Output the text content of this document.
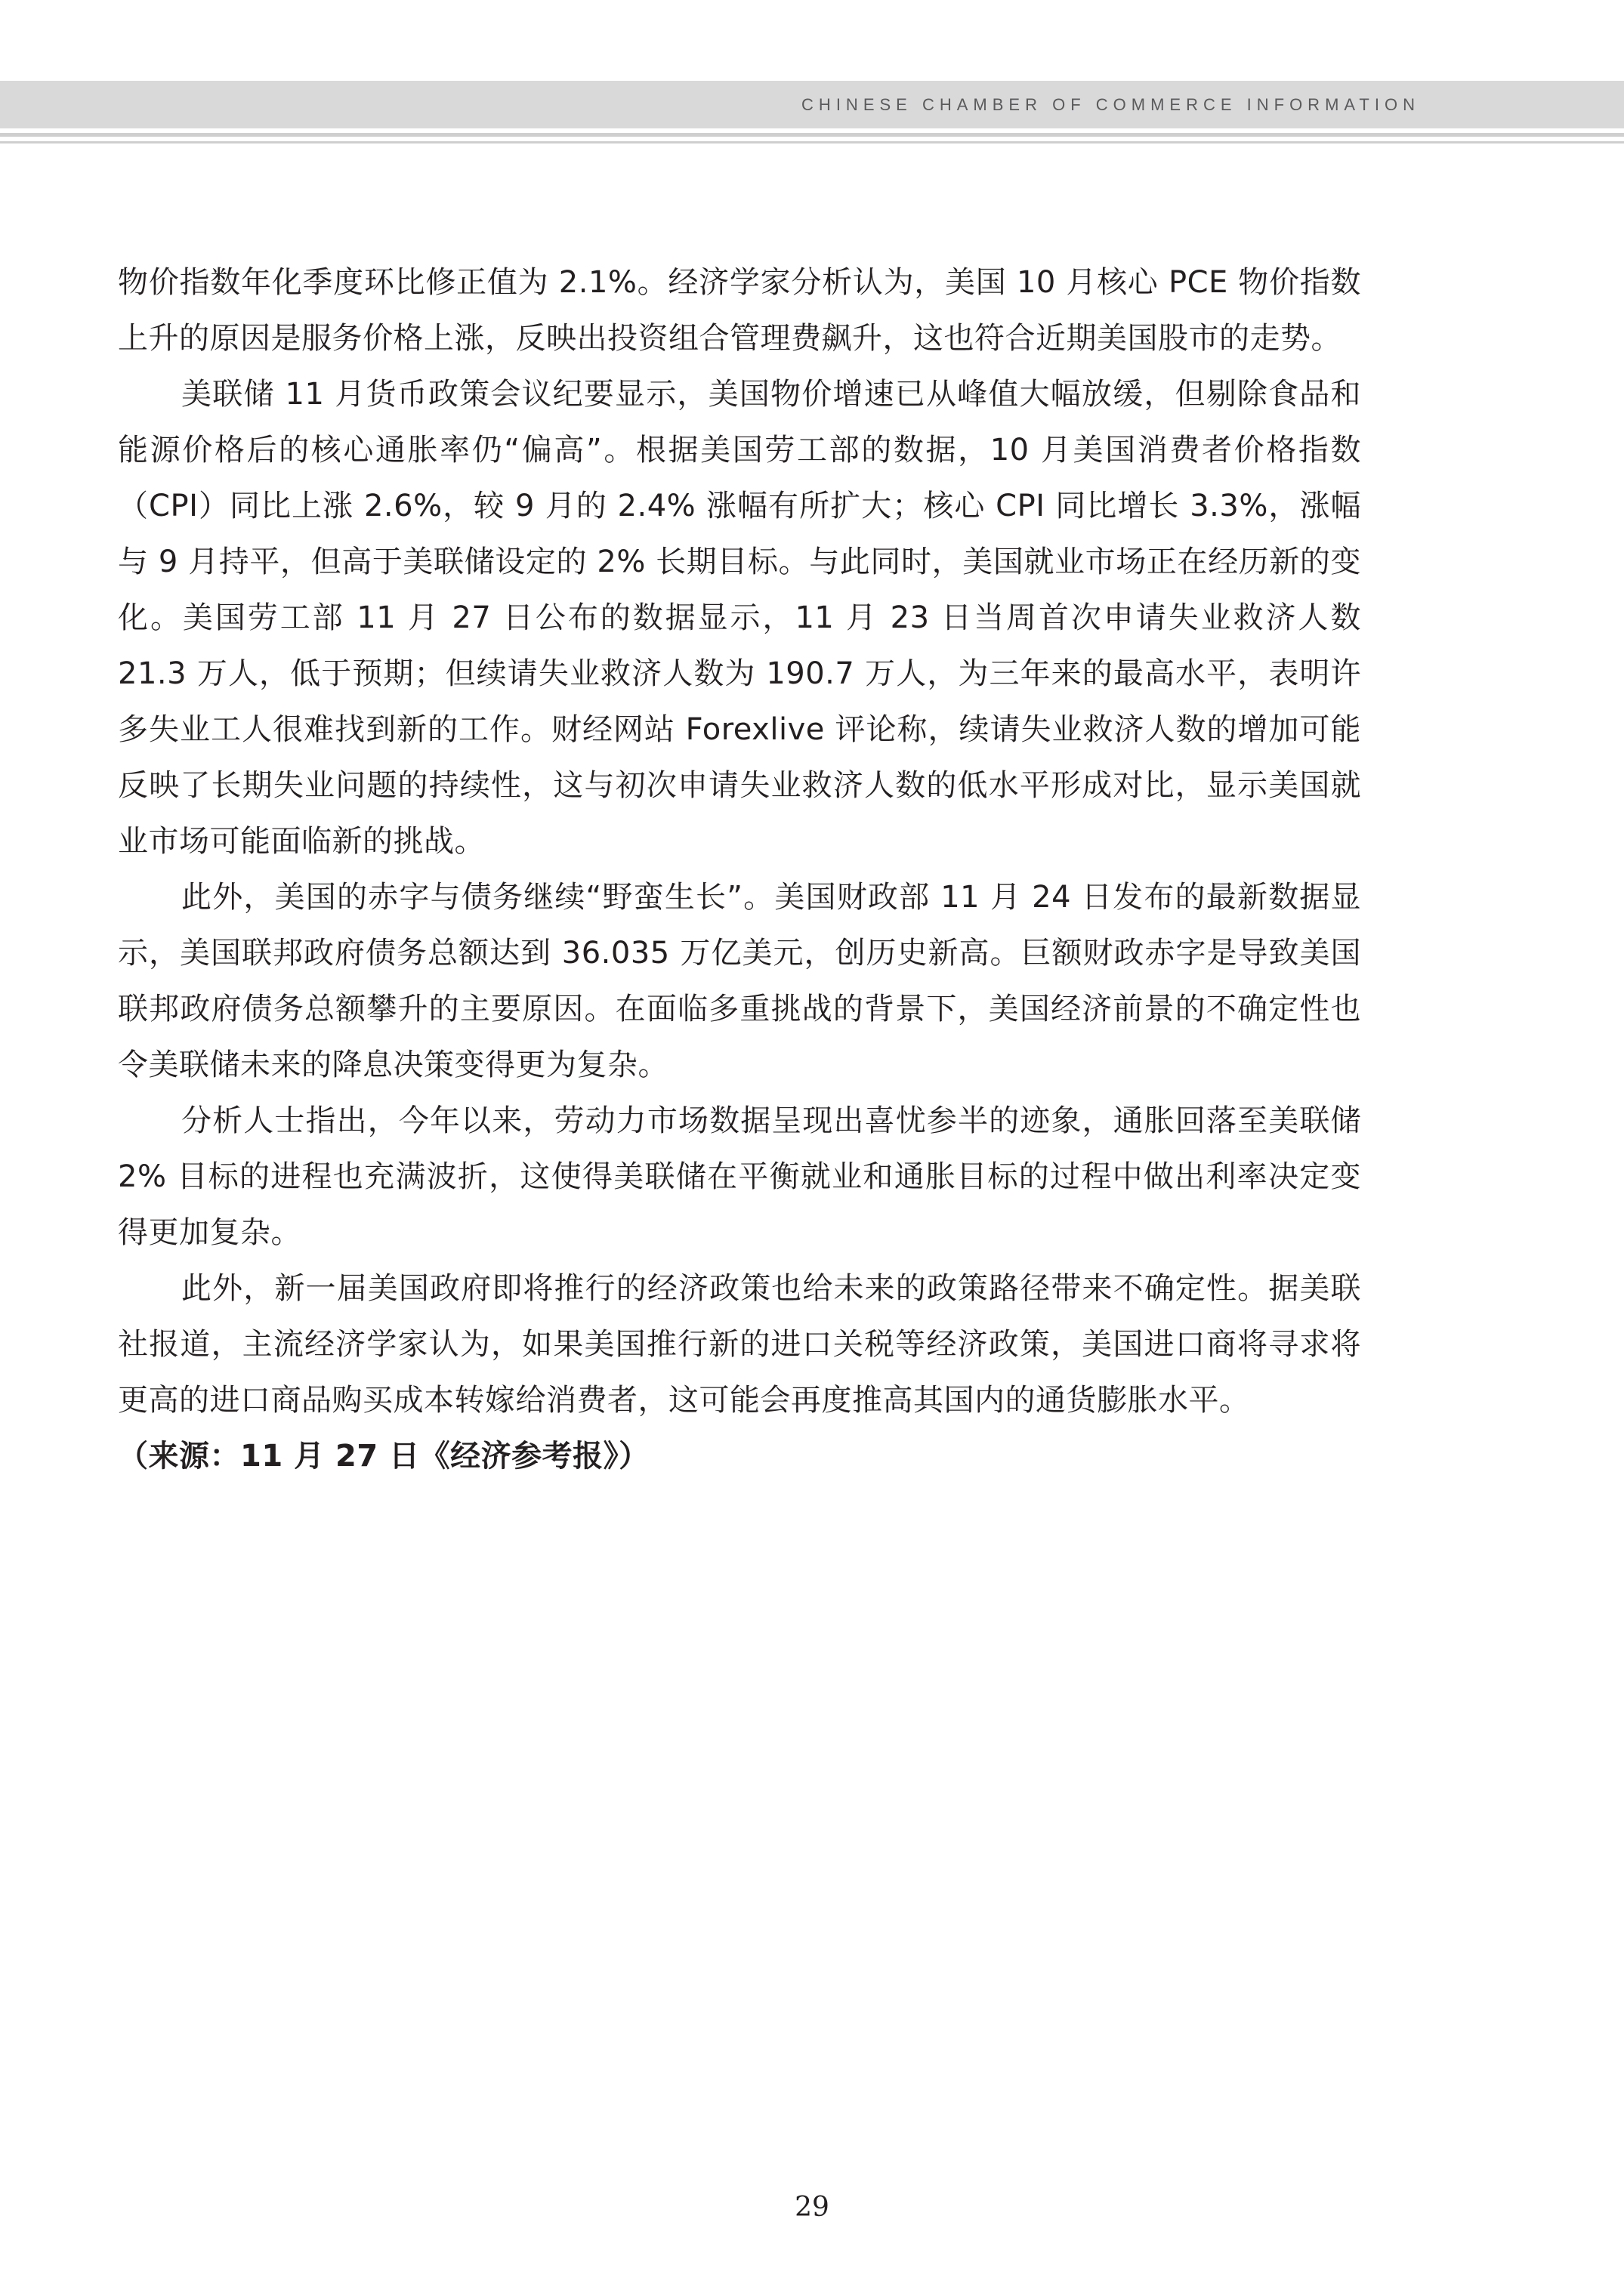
CHINESE CHAMBER OF COMMERCE INFORMATION

物价指数年化季度环比修正值为 2.1%。经济学家分析认为，美国 10 月核心 PCE 物价指数上升的原因是服务价格上涨，反映出投资组合管理费飙升，这也符合近期美国股市的走势。

美联储 11 月货币政策会议纪要显示，美国物价增速已从峰值大幅放缓，但剔除食品和能源价格后的核心通胀率仍“偏高”。根据美国劳工部的数据，10 月美国消费者价格指数（CPI）同比上涨 2.6%，较 9 月的 2.4% 涨幅有所扩大；核心 CPI 同比增长 3.3%，涨幅与 9 月持平，但高于美联储设定的 2% 长期目标。与此同时，美国就业市场正在经历新的变化。美国劳工部 11 月 27 日公布的数据显示，11 月 23 日当周首次申请失业救济人数 21.3 万人，低于预期；但续请失业救济人数为 190.7 万人，为三年来的最高水平，表明许多失业工人很难找到新的工作。财经网站 Forexlive 评论称，续请失业救济人数的增加可能反映了长期失业问题的持续性，这与初次申请失业救济人数的低水平形成对比，显示美国就业市场可能面临新的挑战。

此外，美国的赤字与债务继续“野蛮生长”。美国财政部 11 月 24 日发布的最新数据显示，美国联邦政府债务总额达到 36.035 万亿美元，创历史新高。巨额财政赤字是导致美国联邦政府债务总额攀升的主要原因。在面临多重挑战的背景下，美国经济前景的不确定性也令美联储未来的降息决策变得更为复杂。

分析人士指出，今年以来，劳动力市场数据呈现出喜忧参半的迹象，通胀回落至美联储 2% 目标的进程也充满波折，这使得美联储在平衡就业和通胀目标的过程中做出利率决定变得更加复杂。

此外，新一届美国政府即将推行的经济政策也给未来的政策路径带来不确定性。据美联社报道，主流经济学家认为，如果美国推行新的进口关税等经济政策，美国进口商将寻求将更高的进口商品购买成本转嫁给消费者，这可能会再度推高其国内的通货膨胀水平。

（来源：11 月 27 日《经济参考报》）

29
